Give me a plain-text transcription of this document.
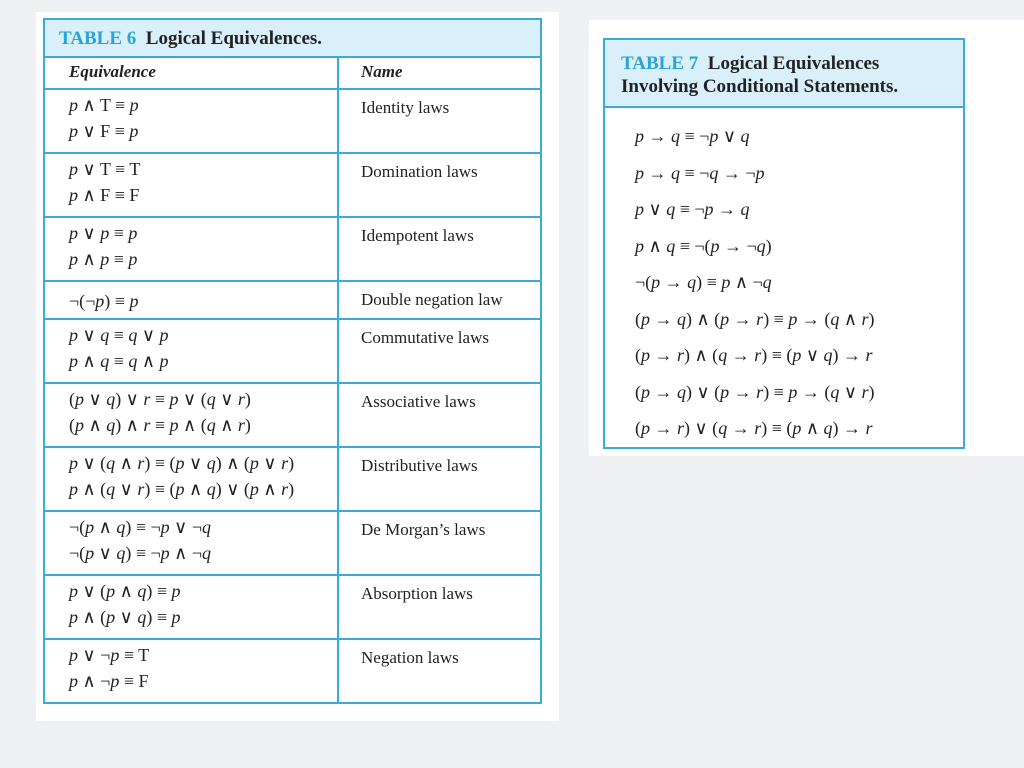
TABLE 6 Logical Equivalences.	
Equivalence	Name

p ∧ T ≡ p
p ∨ F ≡ p	Identity laws

p ∨ T ≡ T
p ∧ F ≡ F	Domination laws

p ∨ p ≡ p
p ∧ p ≡ p	Idempotent laws

¬(¬p) ≡ p	Double negation law

p ∨ q ≡ q ∨ p
p ∧ q ≡ q ∧ p	Commutative laws

(p ∨ q) ∨ r ≡ p ∨ (q ∨ r)
(p ∧ q) ∧ r ≡ p ∧ (q ∧ r)	Associative laws

p ∨ (q ∧ r) ≡ (p ∨ q) ∧ (p ∨ r)
p ∧ (q ∨ r) ≡ (p ∧ q) ∨ (p ∧ r)	Distributive laws

¬(p ∧ q) ≡ ¬p ∨ ¬q
¬(p ∨ q) ≡ ¬p ∧ ¬q	De Morgan’s laws

p ∨ (p ∧ q) ≡ p
p ∧ (p ∨ q) ≡ p	Absorption laws

p ∨ ¬p ≡ T
p ∧ ¬p ≡ F	Negation laws
TABLE 7 Logical Equivalences
Involving Conditional Statements.

p → q ≡ ¬p ∨ q
p → q ≡ ¬q → ¬p
p ∨ q ≡ ¬p → q
p ∧ q ≡ ¬(p → ¬q)
¬(p → q) ≡ p ∧ ¬q
(p → q) ∧ (p → r) ≡ p → (q ∧ r)
(p → r) ∧ (q → r) ≡ (p ∨ q) → r
(p → q) ∨ (p → r) ≡ p → (q ∨ r)
(p → r) ∨ (q → r) ≡ (p ∧ q) → r
